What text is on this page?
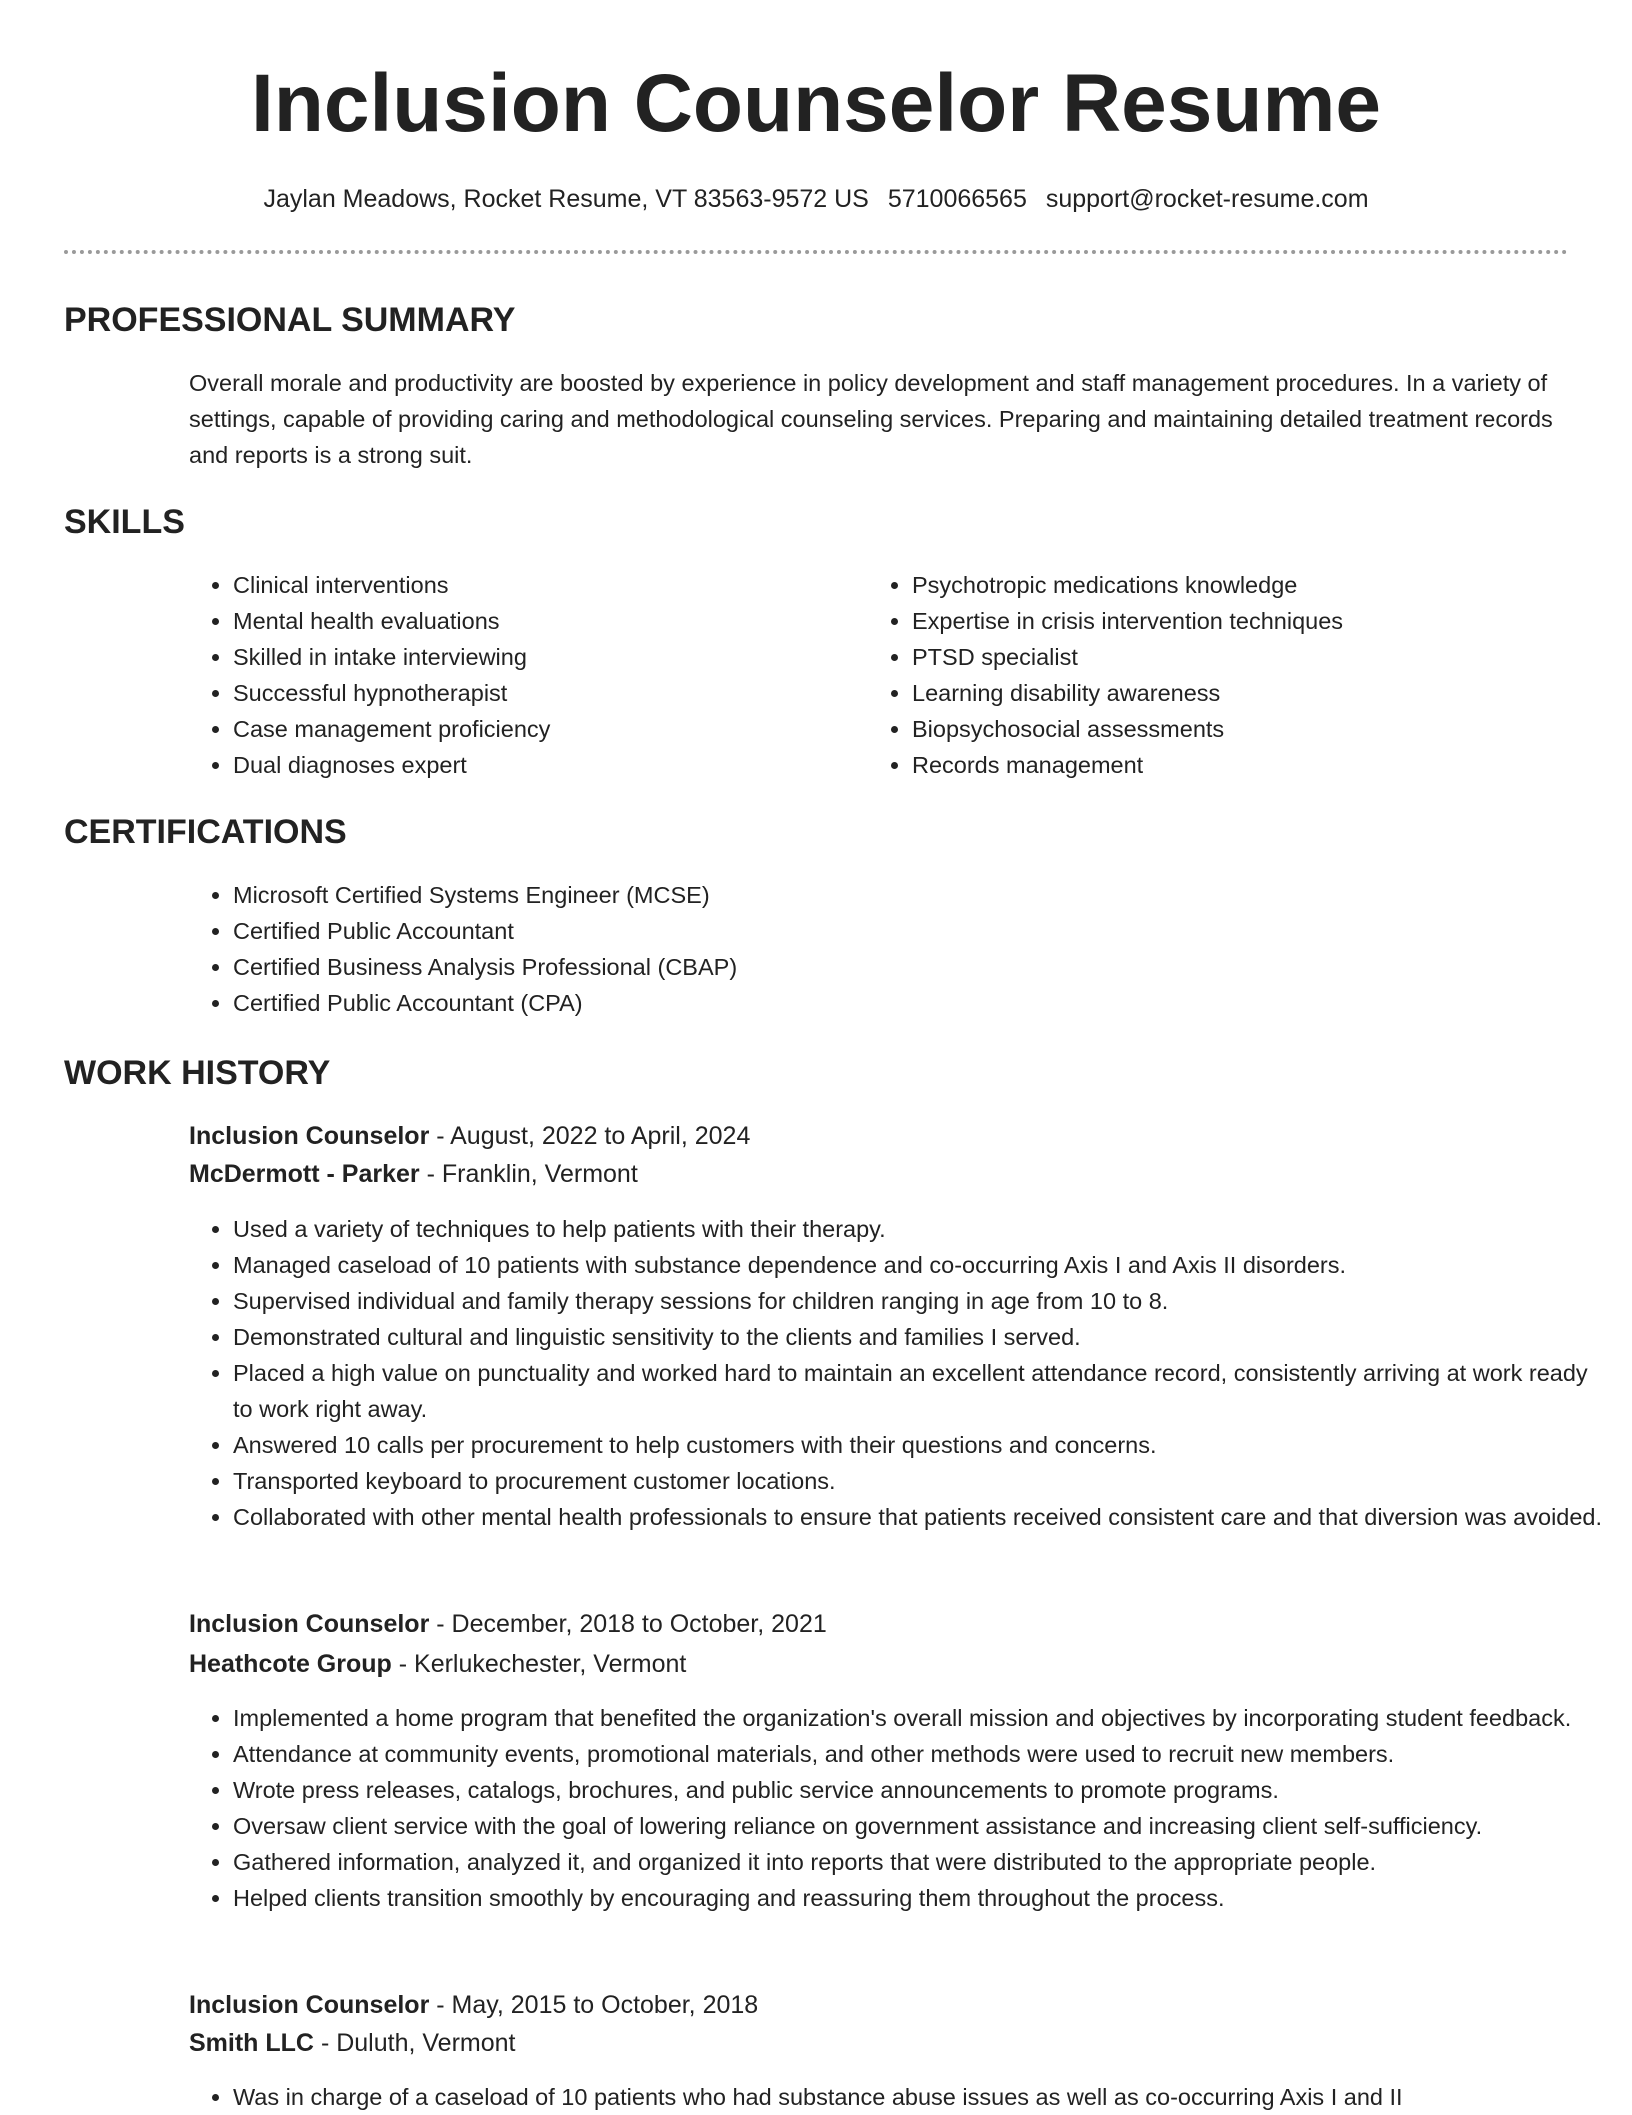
Inclusion Counselor Resume
Jaylan Meadows, Rocket Resume, VT 83563-9572 US 5710066565 support@rocket-resume.com
PROFESSIONAL SUMMARY

Overall morale and productivity are boosted by experience in policy development and staff management procedures. In a variety of settings, capable of providing caring and methodological counseling services. Preparing and maintaining detailed treatment records and reports is a strong suit.

SKILLS
• Clinical interventions
• Mental health evaluations
• Skilled in intake interviewing
• Successful hypnotherapist
• Case management proficiency
• Dual diagnoses expert
• Psychotropic medications knowledge
• Expertise in crisis intervention techniques
• PTSD specialist
• Learning disability awareness
• Biopsychosocial assessments
• Records management
CERTIFICATIONS
• Microsoft Certified Systems Engineer (MCSE)
• Certified Public Accountant
• Certified Business Analysis Professional (CBAP)
• Certified Public Accountant (CPA)
WORK HISTORY
Inclusion Counselor - August, 2022 to April, 2024
McDermott - Parker - Franklin, Vermont
• Used a variety of techniques to help patients with their therapy.
• Managed caseload of 10 patients with substance dependence and co-occurring Axis I and Axis II disorders.
• Supervised individual and family therapy sessions for children ranging in age from 10 to 8.
• Demonstrated cultural and linguistic sensitivity to the clients and families I served.
• Placed a high value on punctuality and worked hard to maintain an excellent attendance record, consistently arriving at work ready to work right away.
• Answered 10 calls per procurement to help customers with their questions and concerns.
• Transported keyboard to procurement customer locations.
• Collaborated with other mental health professionals to ensure that patients received consistent care and that diversion was avoided.
Inclusion Counselor - December, 2018 to October, 2021
Heathcote Group - Kerlukechester, Vermont
• Implemented a home program that benefited the organization's overall mission and objectives by incorporating student feedback.
• Attendance at community events, promotional materials, and other methods were used to recruit new members.
• Wrote press releases, catalogs, brochures, and public service announcements to promote programs.
• Oversaw client service with the goal of lowering reliance on government assistance and increasing client self-sufficiency.
• Gathered information, analyzed it, and organized it into reports that were distributed to the appropriate people.
• Helped clients transition smoothly by encouraging and reassuring them throughout the process.
Inclusion Counselor - May, 2015 to October, 2018
Smith LLC - Duluth, Vermont
• Was in charge of a caseload of 10 patients who had substance abuse issues as well as co-occurring Axis I and II
